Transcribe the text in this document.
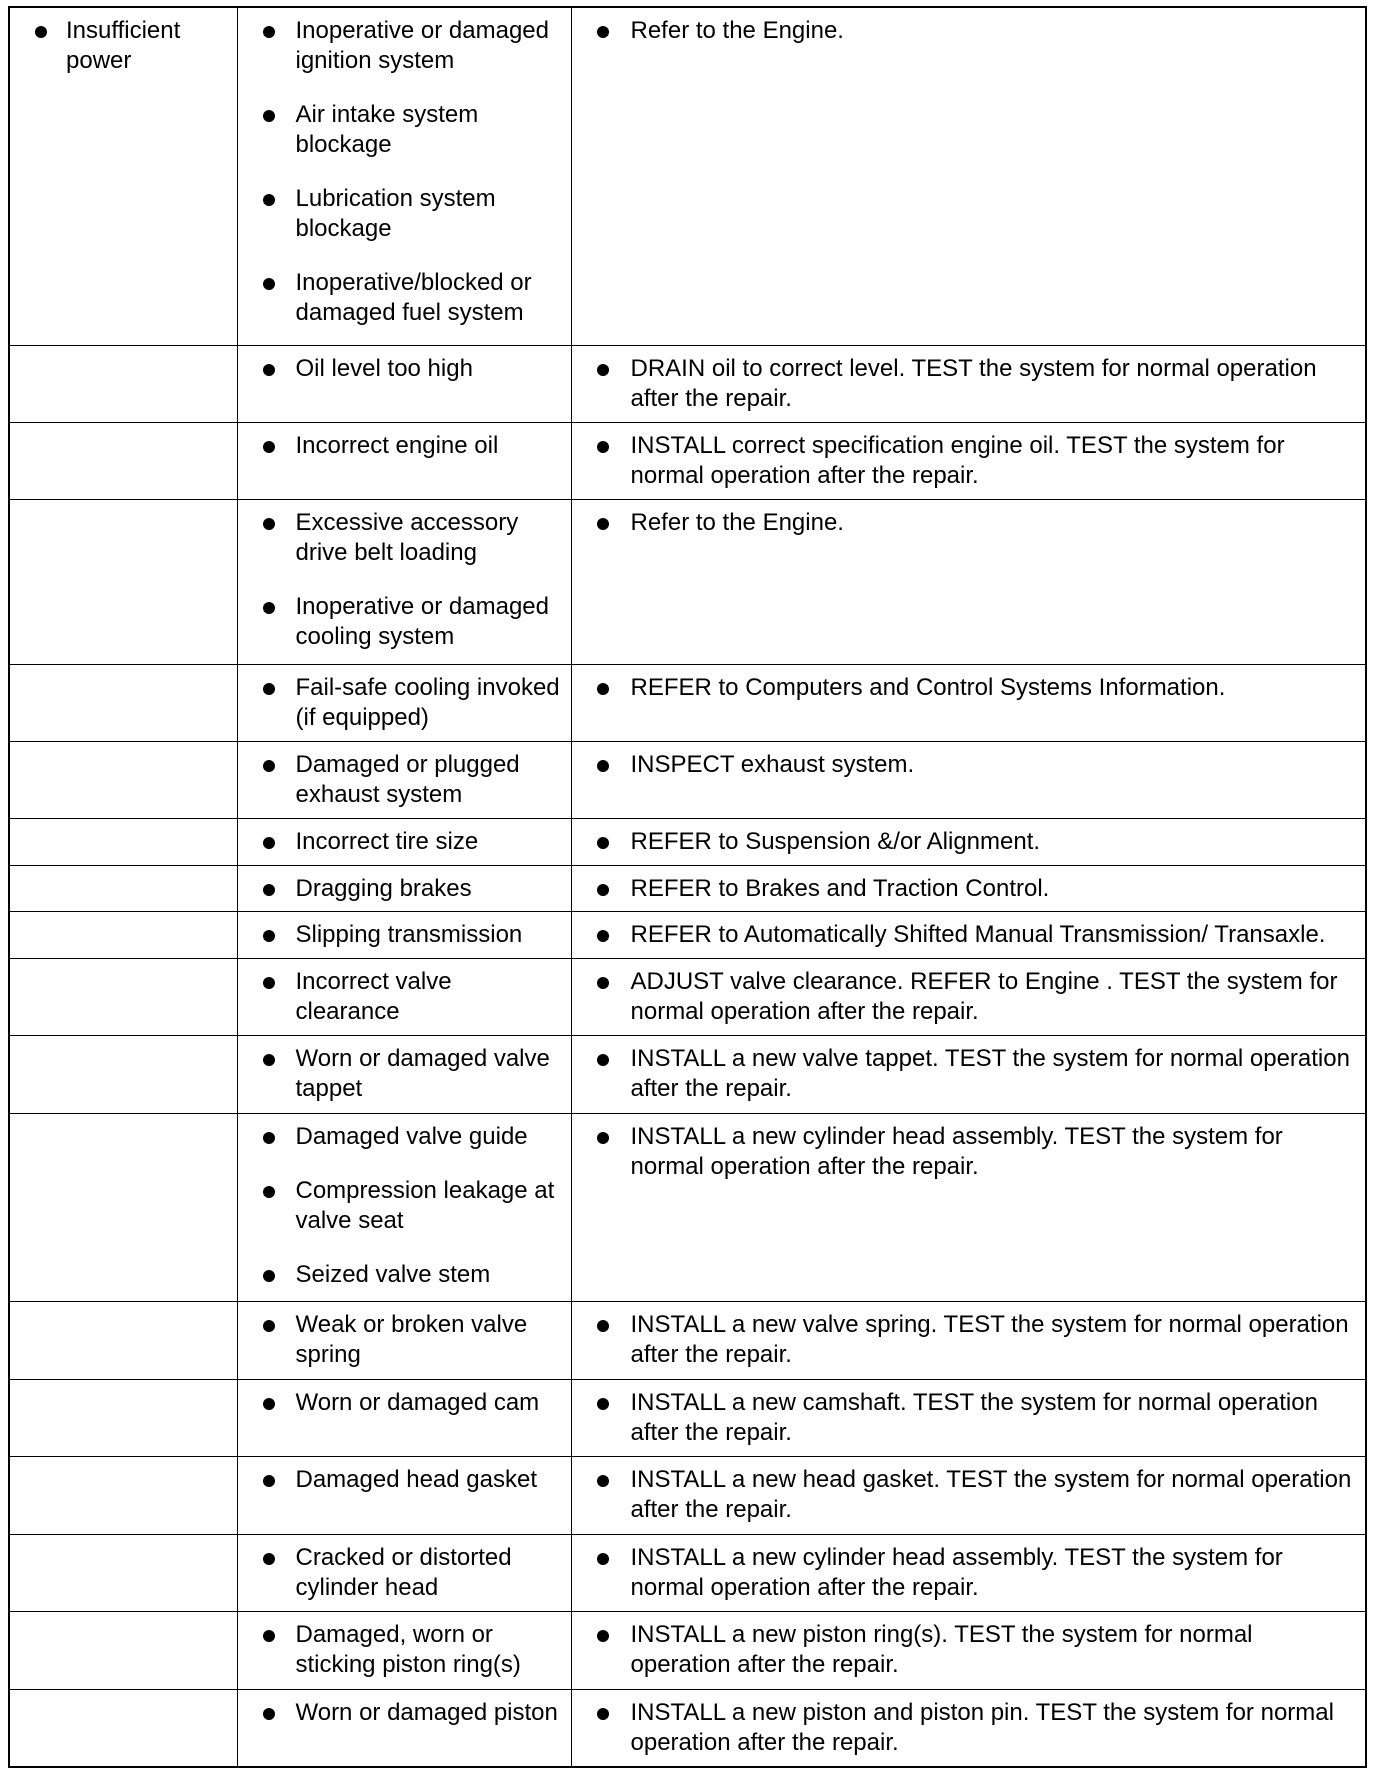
Insufficient power	Inoperative or damaged ignition system
Air intake system blockage
Lubrication system blockage
Inoperative/blocked or damaged fuel system	Refer to the Engine.

Oil level too high	DRAIN oil to correct level. TEST the system for normal operation after the repair.

Incorrect engine oil	INSTALL correct specification engine oil. TEST the system for normal operation after the repair.

Excessive accessory drive belt loading
Inoperative or damaged cooling system	Refer to the Engine.

Fail-safe cooling invoked (if equipped)	REFER to Computers and Control Systems Information.

Damaged or plugged exhaust system	INSPECT exhaust system.

Incorrect tire size	REFER to Suspension &/or Alignment.

Dragging brakes	REFER to Brakes and Traction Control.

Slipping transmission	REFER to Automatically Shifted Manual Transmission/ Transaxle.

Incorrect valve clearance	ADJUST valve clearance. REFER to Engine . TEST the system for normal operation after the repair.

Worn or damaged valve tappet	INSTALL a new valve tappet. TEST the system for normal operation after the repair.

Damaged valve guide
Compression leakage at valve seat
Seized valve stem	INSTALL a new cylinder head assembly. TEST the system for normal operation after the repair.

Weak or broken valve spring	INSTALL a new valve spring. TEST the system for normal operation after the repair.

Worn or damaged cam	INSTALL a new camshaft. TEST the system for normal operation after the repair.

Damaged head gasket	INSTALL a new head gasket. TEST the system for normal operation after the repair.

Cracked or distorted cylinder head	INSTALL a new cylinder head assembly. TEST the system for normal operation after the repair.

Damaged, worn or sticking piston ring(s)	INSTALL a new piston ring(s). TEST the system for normal operation after the repair.

Worn or damaged piston	INSTALL a new piston and piston pin. TEST the system for normal operation after the repair.
